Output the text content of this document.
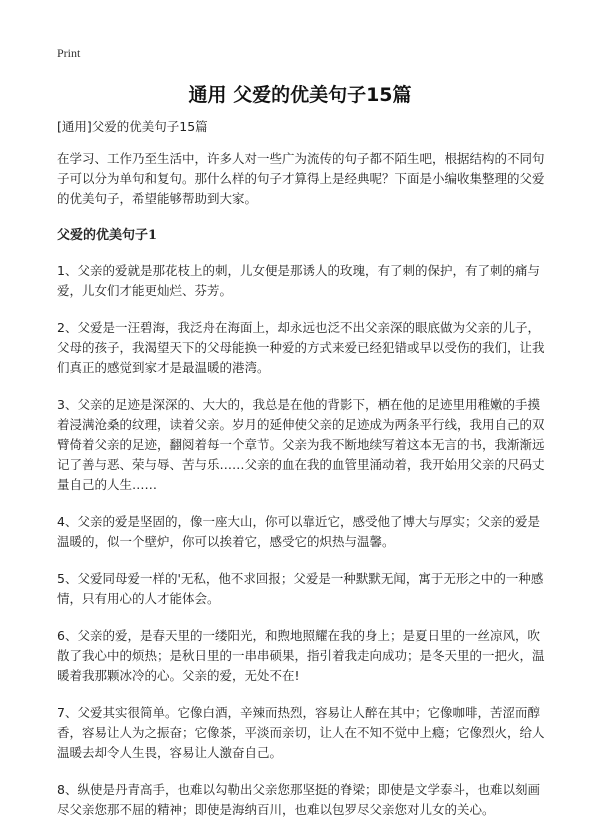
Print
通用 父爱的优美句子15篇

[通用]父爱的优美句子15篇

在学习、工作乃至生活中，许多人对一些广为流传的句子都不陌生吧，根据结构的不同句子可以分为单句和复句。那什么样的句子才算得上是经典呢？下面是小编收集整理的父爱的优美句子，希望能够帮助到大家。

父爱的优美句子1

1、父亲的爱就是那花枝上的刺，儿女便是那诱人的玫瑰，有了刺的保护，有了刺的痛与爱，儿女们才能更灿烂、芬芳。

2、父爱是一汪碧海，我泛舟在海面上，却永远也泛不出父亲深的眼底做为父亲的儿子，父母的孩子，我渴望天下的父母能换一种爱的方式来爱已经犯错或早以受伤的我们，让我们真正的感觉到家才是最温暖的港湾。

3、父亲的足迹是深深的、大大的，我总是在他的背影下，栖在他的足迹里用稚嫩的手摸着浸满沧桑的纹理，读着父亲。岁月的延伸使父亲的足迹成为两条平行线，我用自己的双臂倚着父亲的足迹，翻阅着每一个章节。父亲为我不断地续写着这本无言的书，我渐渐远记了善与恶、荣与辱、苦与乐……父亲的血在我的血管里涌动着，我开始用父亲的尺码丈量自己的人生……

4、父亲的爱是坚固的，像一座大山，你可以靠近它，感受他了博大与厚实；父亲的爱是温暖的，似一个壁炉，你可以挨着它，感受它的炽热与温馨。

5、父爱同母爱一样的'无私，他不求回报；父爱是一种默默无闻，寓于无形之中的一种感情，只有用心的人才能体会。

6、父亲的爱，是春天里的一缕阳光，和煦地照耀在我的身上；是夏日里的一丝凉风，吹散了我心中的烦热；是秋日里的一串串硕果，指引着我走向成功；是冬天里的一把火，温暖着我那颗冰冷的心。父亲的爱，无处不在!

7、父爱其实很简单。它像白酒，辛辣而热烈，容易让人醉在其中；它像咖啡，苦涩而醇香，容易让人为之振奋；它像茶，平淡而亲切，让人在不知不觉中上瘾；它像烈火，给人温暖去却令人生畏，容易让人激奋自己。

8、纵使是丹青高手，也难以勾勒出父亲您那坚挺的脊梁；即使是文学泰斗，也难以刻画尽父亲您那不屈的精神；即使是海纳百川，也难以包罗尽父亲您对儿女的关心。
